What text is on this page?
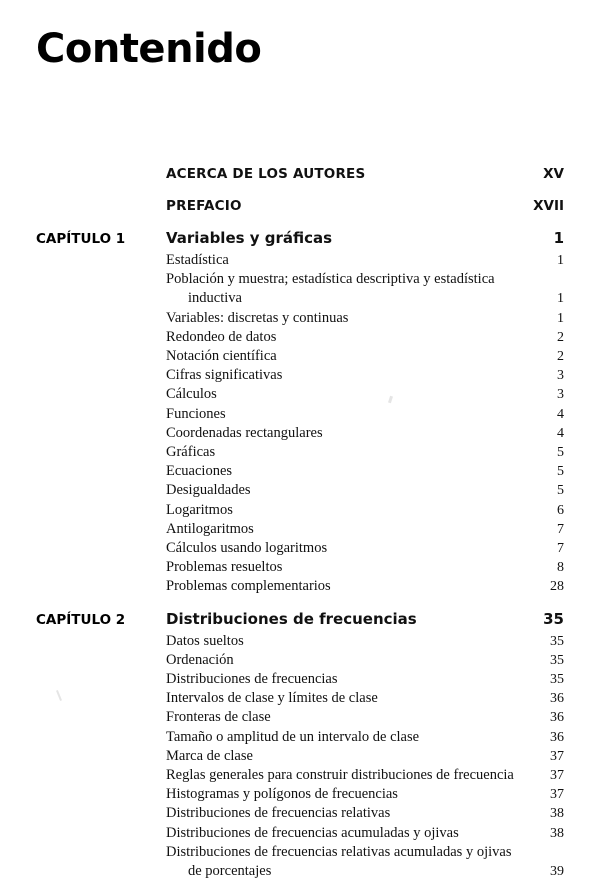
Contenido
ACERCA DE LOS AUTORES	XV
PREFACIO	XVII
CAPÍTULO 1	Variables y gráficas	1
Estadística	1
Población y muestra; estadística descriptiva y estadística
inductiva	1
Variables: discretas y continuas	1
Redondeo de datos	2
Notación científica	2
Cifras significativas	3
Cálculos	3
Funciones	4
Coordenadas rectangulares	4
Gráficas	5
Ecuaciones	5
Desigualdades	5
Logaritmos	6
Antilogaritmos	7
Cálculos usando logaritmos	7
Problemas resueltos	8
Problemas complementarios	28
CAPÍTULO 2	Distribuciones de frecuencias	35
Datos sueltos	35
Ordenación	35
Distribuciones de frecuencias	35
Intervalos de clase y límites de clase	36
Fronteras de clase	36
Tamaño o amplitud de un intervalo de clase	36
Marca de clase	37
Reglas generales para construir distribuciones de frecuencia	37
Histogramas y polígonos de frecuencias	37
Distribuciones de frecuencias relativas	38
Distribuciones de frecuencias acumuladas y ojivas	38
Distribuciones de frecuencias relativas acumuladas y ojivas
de porcentajes	39
